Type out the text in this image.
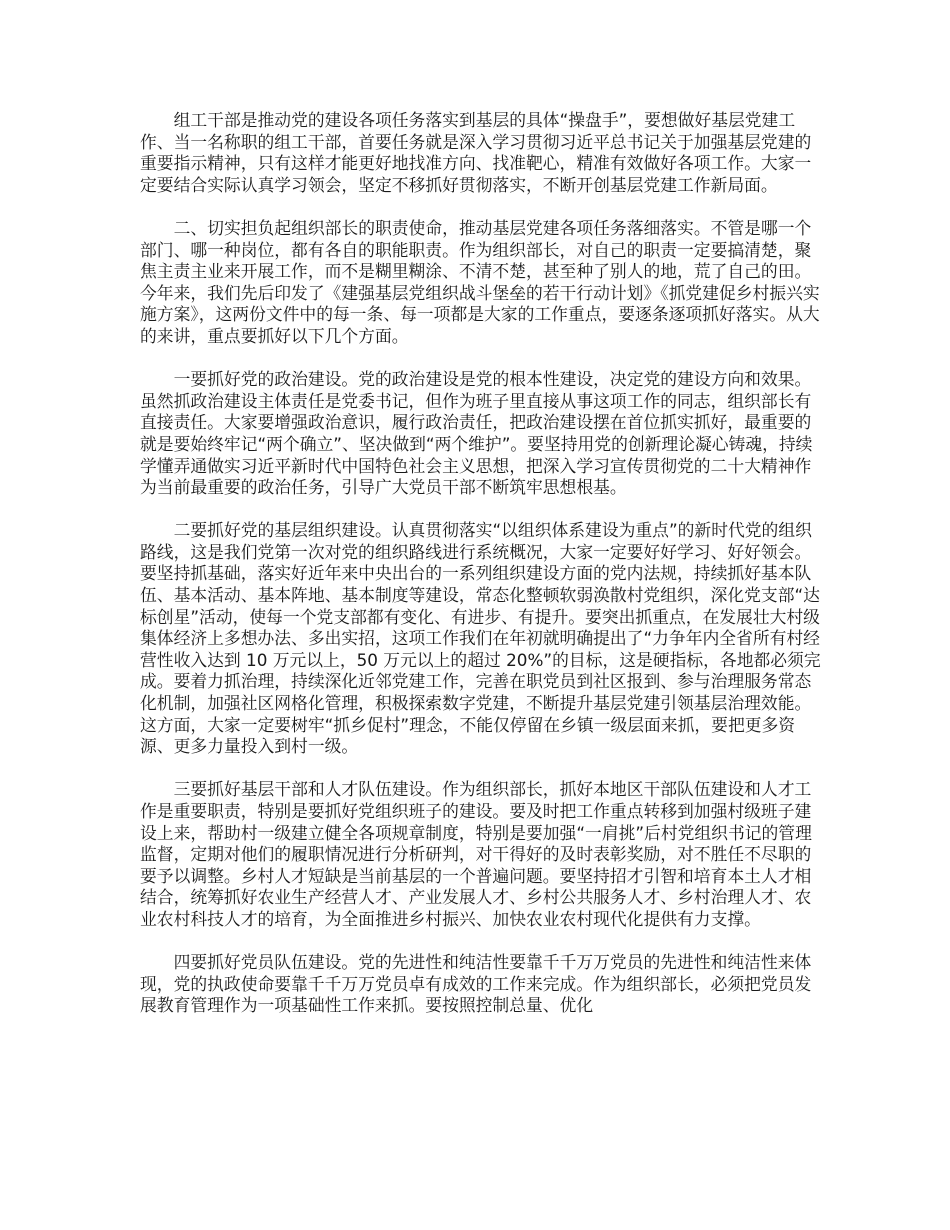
组工干部是推动党的建设各项任务落实到基层的具体“操盘手”，要想做好基层党建工作、当一名称职的组工干部，首要任务就是深入学习贯彻习近平总书记关于加强基层党建的重要指示精神，只有这样才能更好地找准方向、找准靶心，精准有效做好各项工作。大家一定要结合实际认真学习领会，坚定不移抓好贯彻落实，不断开创基层党建工作新局面。

二、切实担负起组织部长的职责使命，推动基层党建各项任务落细落实。不管是哪一个部门、哪一种岗位，都有各自的职能职责。作为组织部长，对自己的职责一定要搞清楚，聚焦主责主业来开展工作，而不是糊里糊涂、不清不楚，甚至种了别人的地，荒了自己的田。今年来，我们先后印发了《建强基层党组织战斗堡垒的若干行动计划》《抓党建促乡村振兴实施方案》，这两份文件中的每一条、每一项都是大家的工作重点，要逐条逐项抓好落实。从大的来讲，重点要抓好以下几个方面。

一要抓好党的政治建设。党的政治建设是党的根本性建设，决定党的建设方向和效果。虽然抓政治建设主体责任是党委书记，但作为班子里直接从事这项工作的同志，组织部长有直接责任。大家要增强政治意识，履行政治责任，把政治建设摆在首位抓实抓好，最重要的就是要始终牢记“两个确立”、坚决做到“两个维护”。要坚持用党的创新理论凝心铸魂，持续学懂弄通做实习近平新时代中国特色社会主义思想，把深入学习宣传贯彻党的二十大精神作为当前最重要的政治任务，引导广大党员干部不断筑牢思想根基。

二要抓好党的基层组织建设。认真贯彻落实“以组织体系建设为重点”的新时代党的组织路线，这是我们党第一次对党的组织路线进行系统概况，大家一定要好好学习、好好领会。要坚持抓基础，落实好近年来中央出台的一系列组织建设方面的党内法规，持续抓好基本队伍、基本活动、基本阵地、基本制度等建设，常态化整顿软弱涣散村党组织，深化党支部“达标创星”活动，使每一个党支部都有变化、有进步、有提升。要突出抓重点，在发展壮大村级集体经济上多想办法、多出实招，这项工作我们在年初就明确提出了“力争年内全省所有村经营性收入达到 10 万元以上，50 万元以上的超过 20%”的目标，这是硬指标，各地都必须完成。要着力抓治理，持续深化近邻党建工作，完善在职党员到社区报到、参与治理服务常态化机制，加强社区网格化管理，积极探索数字党建，不断提升基层党建引领基层治理效能。这方面，大家一定要树牢“抓乡促村”理念，不能仅停留在乡镇一级层面来抓，要把更多资源、更多力量投入到村一级。

三要抓好基层干部和人才队伍建设。作为组织部长，抓好本地区干部队伍建设和人才工作是重要职责，特别是要抓好党组织班子的建设。要及时把工作重点转移到加强村级班子建设上来，帮助村一级建立健全各项规章制度，特别是要加强“一肩挑”后村党组织书记的管理监督，定期对他们的履职情况进行分析研判，对干得好的及时表彰奖励，对不胜任不尽职的要予以调整。乡村人才短缺是当前基层的一个普遍问题。要坚持招才引智和培育本土人才相结合，统筹抓好农业生产经营人才、产业发展人才、乡村公共服务人才、乡村治理人才、农业农村科技人才的培育，为全面推进乡村振兴、加快农业农村现代化提供有力支撑。

四要抓好党员队伍建设。党的先进性和纯洁性要靠千千万万党员的先进性和纯洁性来体现，党的执政使命要靠千千万万党员卓有成效的工作来完成。作为组织部长，必须把党员发展教育管理作为一项基础性工作来抓。要按照控制总量、优化
